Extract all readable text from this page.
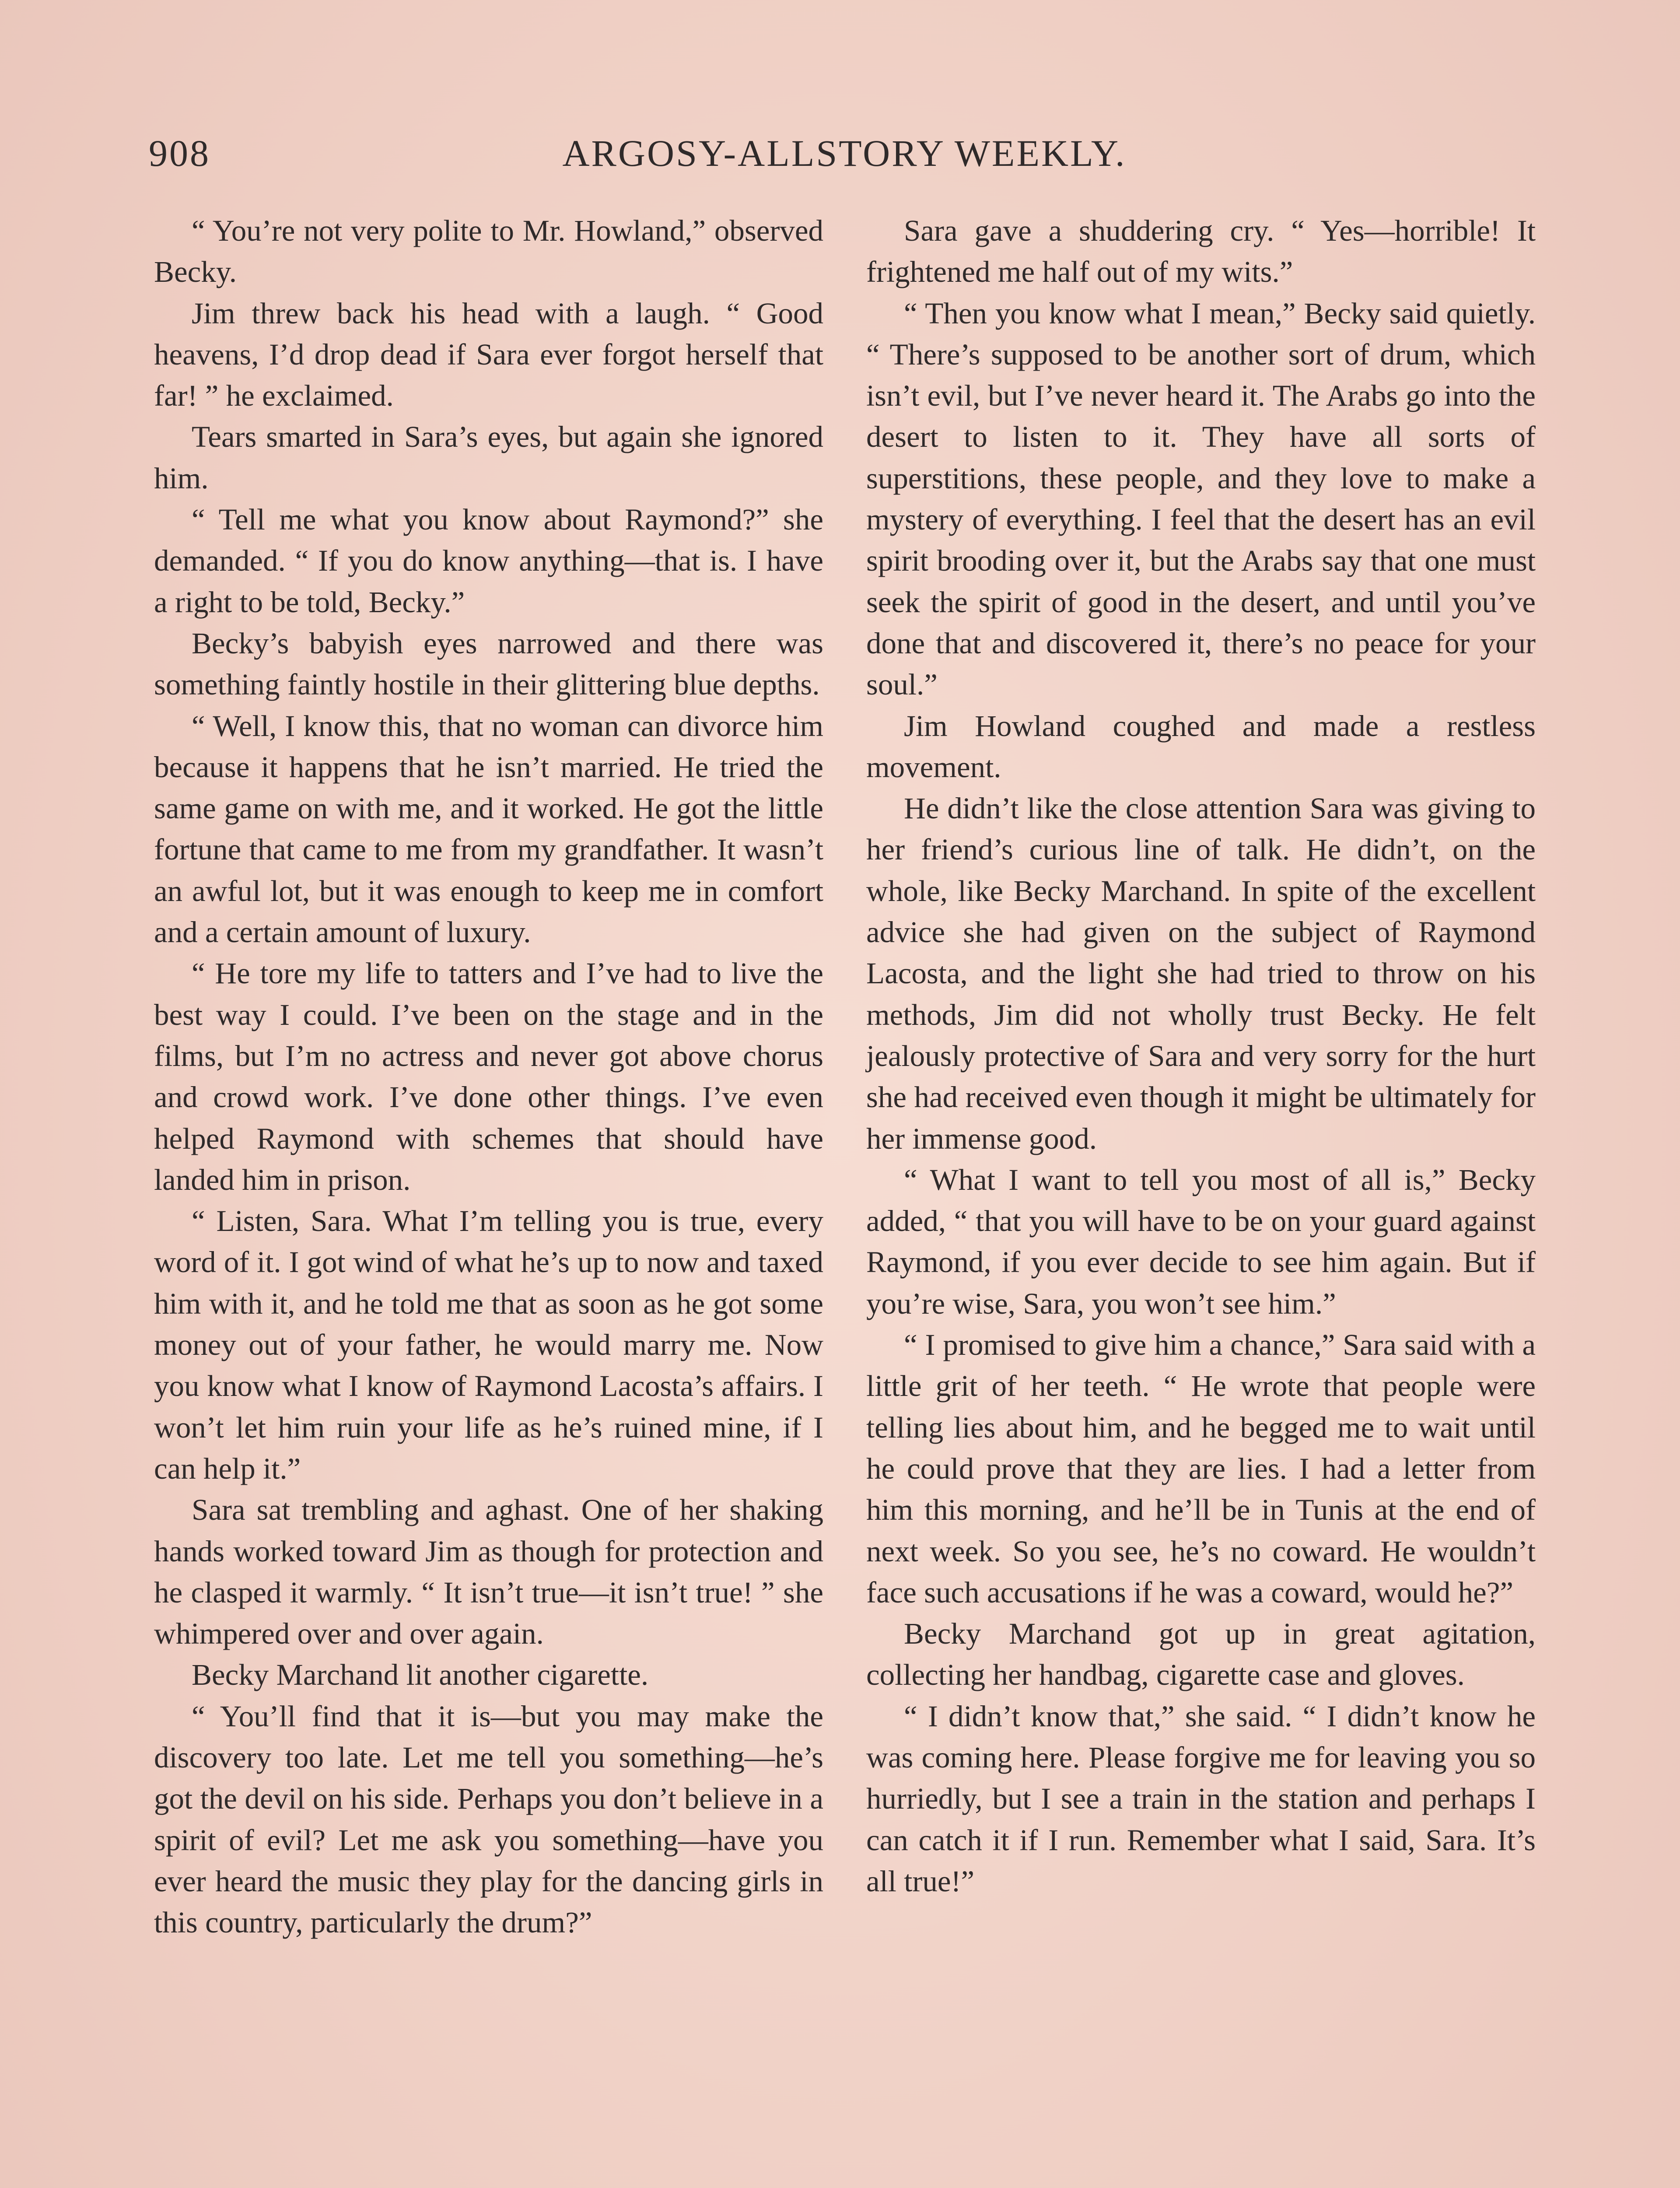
908	ARGOSY-ALLSTORY WEEKLY.

“ You’re not very polite to Mr. Howland,” observed Becky.

Jim threw back his head with a laugh. “ Good heavens, I’d drop dead if Sara ever forgot herself that far! ” he exclaimed.

Tears smarted in Sara’s eyes, but again she ignored him.

“ Tell me what you know about Raymond?” she demanded. “ If you do know anything—that is. I have a right to be told, Becky.”

Becky’s babyish eyes narrowed and there was something faintly hostile in their glittering blue depths.

“ Well, I know this, that no woman can divorce him because it happens that he isn’t married. He tried the same game on with me, and it worked. He got the little fortune that came to me from my grandfather. It wasn’t an awful lot, but it was enough to keep me in comfort and a certain amount of luxury.

“ He tore my life to tatters and I’ve had to live the best way I could. I’ve been on the stage and in the films, but I’m no actress and never got above chorus and crowd work. I’ve done other things. I’ve even helped Raymond with schemes that should have landed him in prison.

“ Listen, Sara. What I’m telling you is true, every word of it. I got wind of what he’s up to now and taxed him with it, and he told me that as soon as he got some money out of your father, he would marry me. Now you know what I know of Raymond Lacosta’s affairs. I won’t let him ruin your life as he’s ruined mine, if I can help it.”

Sara sat trembling and aghast. One of her shaking hands worked toward Jim as though for protection and he clasped it warmly. “ It isn’t true—it isn’t true! ” she whimpered over and over again.

Becky Marchand lit another cigarette.

“ You’ll find that it is—but you may make the discovery too late. Let me tell you something—he’s got the devil on his side. Perhaps you don’t believe in a spirit of evil? Let me ask you something—have you ever heard the music they play for the dancing girls in this country, particularly the drum?”

Sara gave a shuddering cry. “ Yes—horrible! It frightened me half out of my wits.”

“ Then you know what I mean,” Becky said quietly. “ There’s supposed to be another sort of drum, which isn’t evil, but I’ve never heard it. The Arabs go into the desert to listen to it. They have all sorts of superstitions, these people, and they love to make a mystery of everything. I feel that the desert has an evil spirit brooding over it, but the Arabs say that one must seek the spirit of good in the desert, and until you’ve done that and discovered it, there’s no peace for your soul.”

Jim Howland coughed and made a restless movement.

He didn’t like the close attention Sara was giving to her friend’s curious line of talk. He didn’t, on the whole, like Becky Marchand. In spite of the excellent advice she had given on the subject of Raymond Lacosta, and the light she had tried to throw on his methods, Jim did not wholly trust Becky. He felt jealously protective of Sara and very sorry for the hurt she had received even though it might be ultimately for her immense good.

“ What I want to tell you most of all is,” Becky added, “ that you will have to be on your guard against Raymond, if you ever decide to see him again. But if you’re wise, Sara, you won’t see him.”

“ I promised to give him a chance,” Sara said with a little grit of her teeth. “ He wrote that people were telling lies about him, and he begged me to wait until he could prove that they are lies. I had a letter from him this morning, and he’ll be in Tunis at the end of next week. So you see, he’s no coward. He wouldn’t face such accusations if he was a coward, would he?”

Becky Marchand got up in great agitation, collecting her handbag, cigarette case and gloves.

“ I didn’t know that,” she said. “ I didn’t know he was coming here. Please forgive me for leaving you so hurriedly, but I see a train in the station and perhaps I can catch it if I run. Remember what I said, Sara. It’s all true!”
